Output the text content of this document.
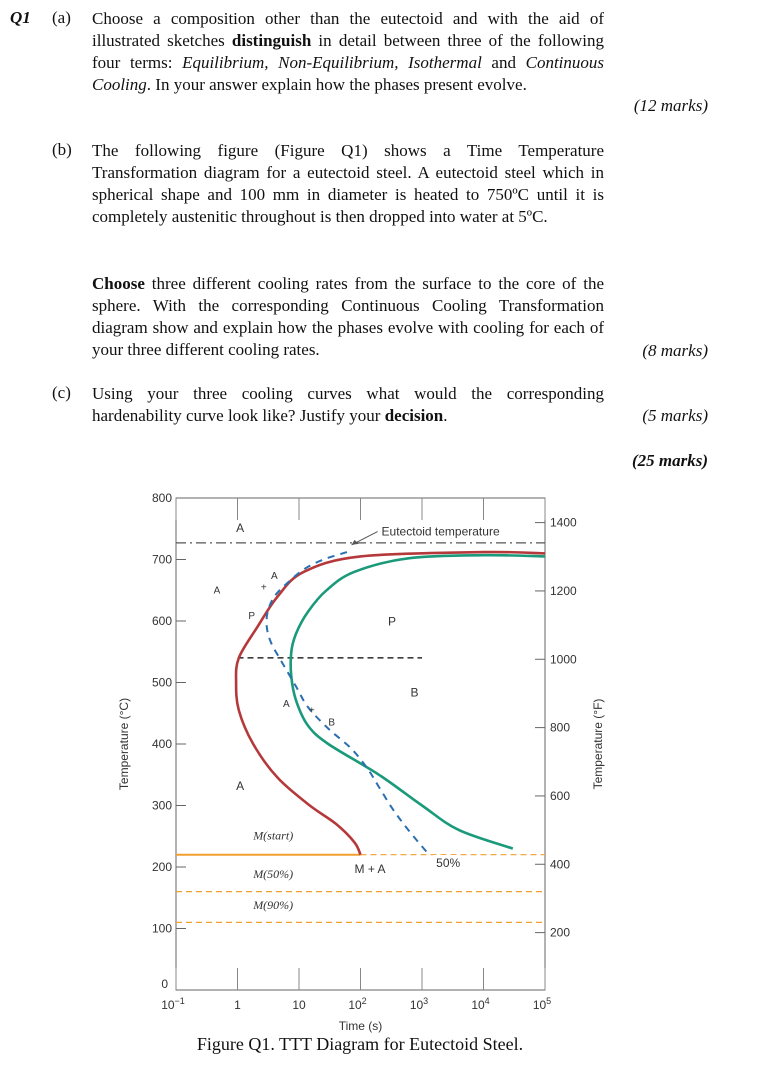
Q1 (a) Choose a composition other than the eutectoid and with the aid of illustrated sketches distinguish in detail between three of the following four terms: Equilibrium, Non-Equilibrium, Isothermal and Continuous Cooling. In your answer explain how the phases present evolve.
(12 marks)
(b) The following figure (Figure Q1) shows a Time Temperature Transformation diagram for a eutectoid steel. A eutectoid steel which in spherical shape and 100 mm in diameter is heated to 750ºC until it is completely austenitic throughout is then dropped into water at 5ºC.
Choose three different cooling rates from the surface to the core of the sphere. With the corresponding Continuous Cooling Transformation diagram show and explain how the phases evolve with cooling for each of your three different cooling rates.	(8 marks)
(c) Using your three cooling curves what would the corresponding hardenability curve look like? Justify your decision.	(5 marks)
(25 marks)
0
100
200
300
400
500
600
700
800
200
400
600
800
1000
1200
1400
$10^{-1}$	1	10	$10^2$	$10^3$	$10^4$	$10^5$
Time (s)
Temperature (°C)	Temperature (°F)
A	Eutectoid temperature
A
P
B
A
M(start)
M + A
M(50%)
M(90%)
50%
A
+
P
A
+
B
Figure Q1. TTT Diagram for Eutectoid Steel.
